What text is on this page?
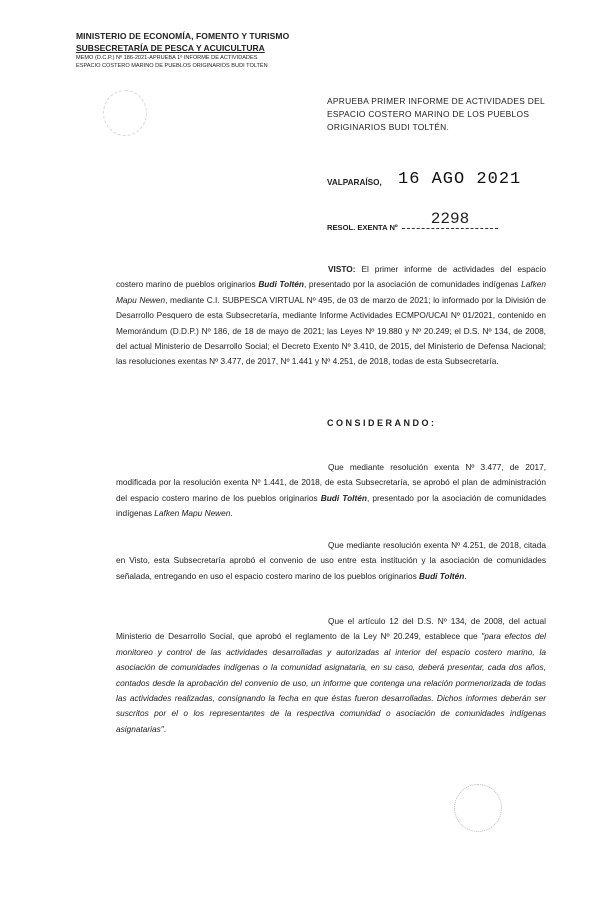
MINISTERIO DE ECONOMÍA, FOMENTO Y TURISMO
SUBSECRETARÍA DE PESCA Y ACUICULTURA
MEMO (D.C.P.) Nº 186-2021-APRUEBA 1º INFORME DE ACTIVIDADES
ESPACIO COSTERO MARINO DE PUEBLOS ORIGINARIOS BUDI TOLTÉN
APRUEBA PRIMER INFORME DE ACTIVIDADES DEL ESPACIO COSTERO MARINO DE LOS PUEBLOS ORIGINARIOS BUDI TOLTÉN.
VALPARAÍSO, 16 AGO 2021
RESOL. EXENTA Nº	2298
VISTO: El primer informe de actividades del espacio costero marino de pueblos originarios Budi Toltén, presentado por la asociación de comunidades indígenas Lafken Mapu Newen, mediante C.I. SUBPESCA VIRTUAL Nº 495, de 03 de marzo de 2021; lo informado por la División de Desarrollo Pesquero de esta Subsecretaría, mediante Informe Actividades ECMPO/UCAI Nº 01/2021, contenido en Memorándum (D.D.P.) Nº 186, de 18 de mayo de 2021; las Leyes Nº 19.880 y Nº 20.249; el D.S. Nº 134, de 2008, del actual Ministerio de Desarrollo Social; el Decreto Exento Nº 3.410, de 2015, del Ministerio de Defensa Nacional; las resoluciones exentas Nº 3.477, de 2017, Nº 1.441 y Nº 4.251, de 2018, todas de esta Subsecretaría.
CONSIDERANDO:
Que mediante resolución exenta Nº 3.477, de 2017, modificada por la resolución exenta Nº 1.441, de 2018, de esta Subsecretaría, se aprobó el plan de administración del espacio costero marino de los pueblos originarios Budi Toltén, presentado por la asociación de comunidades indígenas Lafken Mapu Newen.
Que mediante resolución exenta Nº 4.251, de 2018, citada en Visto, esta Subsecretaría aprobó el convenio de uso entre esta institución y la asociación de comunidades señalada, entregando en uso el espacio costero marino de los pueblos originarios Budi Toltén.
Que el artículo 12 del D.S. Nº 134, de 2008, del actual Ministerio de Desarrollo Social, que aprobó el reglamento de la Ley Nº 20.249, establece que "para efectos del monitoreo y control de las actividades desarrolladas y autorizadas al interior del espacio costero marino, la asociación de comunidades indígenas o la comunidad asignataria, en su caso, deberá presentar, cada dos años, contados desde la aprobación del convenio de uso, un informe que contenga una relación pormenorizada de todas las actividades realizadas, consignando la fecha en que éstas fueron desarrolladas. Dichos informes deberán ser suscritos por el o los representantes de la respectiva comunidad o asociación de comunidades indígenas asignatarias".
